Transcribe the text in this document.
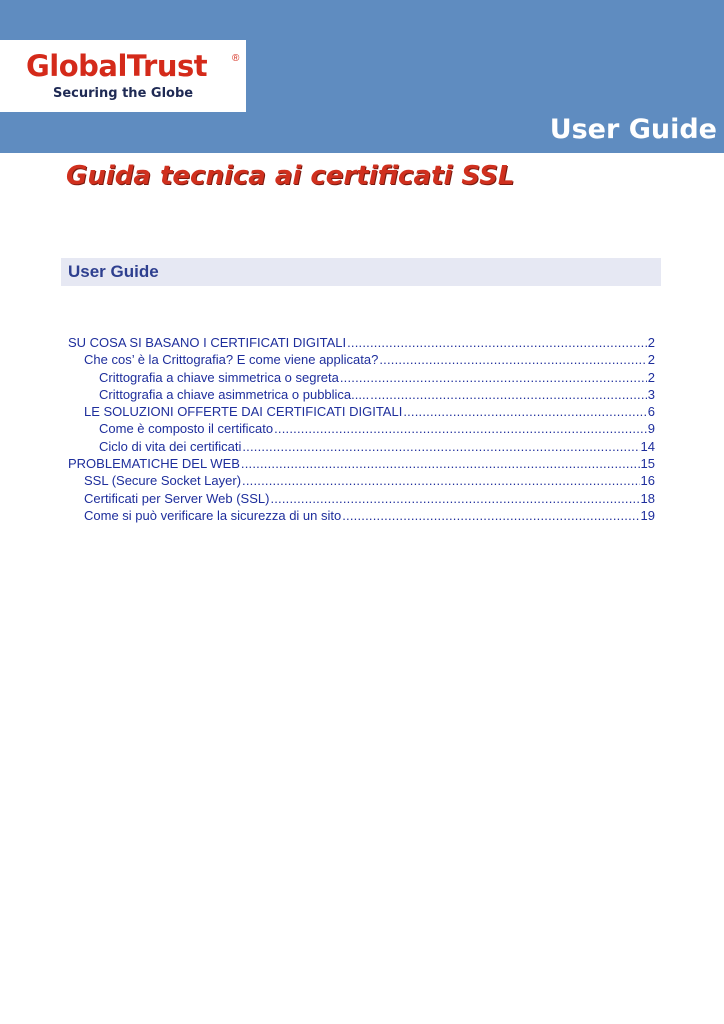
GlobalTrust ®
Securing the Globe
User Guide
Guida tecnica ai certificati SSL
User Guide
SU COSA SI BASANO I CERTIFICATI DIGITALI .....	2
Che cos’ è la Crittografia? E come viene applicata? .....	2
Crittografia a chiave simmetrica o segreta .....	2
Crittografia a chiave asimmetrica o pubblica..... .....	3
LE SOLUZIONI OFFERTE DAI CERTIFICATI DIGITALI .....	6
Come è composto il certificato .....	9
Ciclo di vita dei certificati .....	14
PROBLEMATICHE DEL WEB .....	15
SSL (Secure Socket Layer) .....	16
Certificati per Server Web (SSL) .....	18
Come si può verificare la sicurezza di un sito .....	19
